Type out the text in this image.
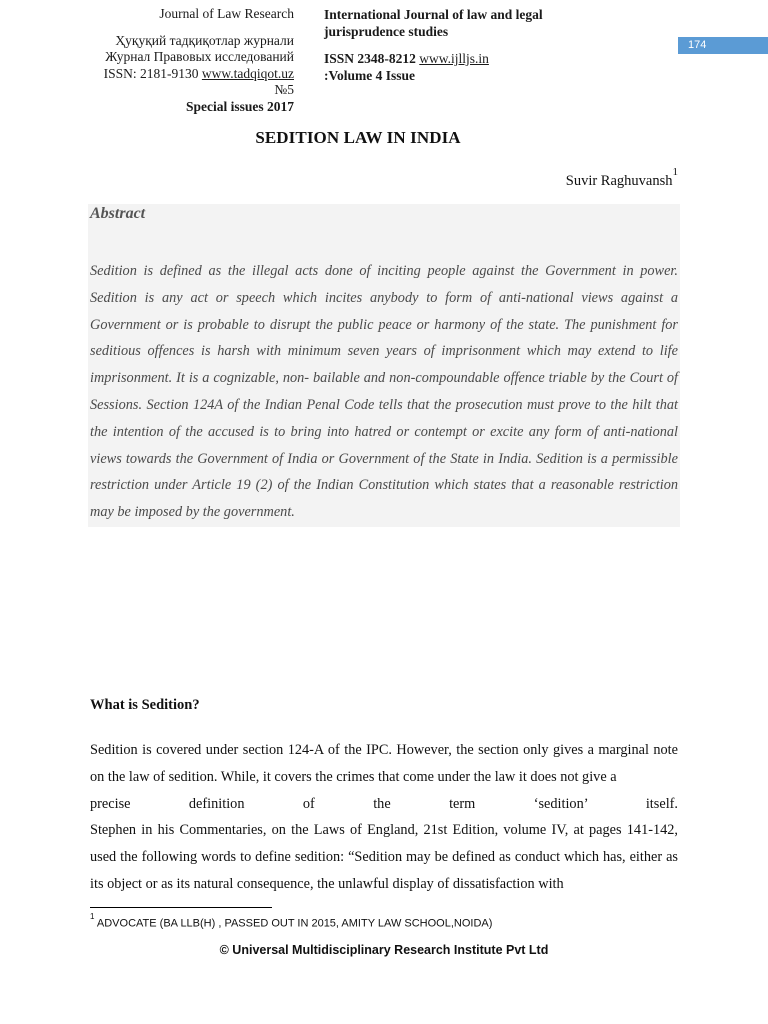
Journal of Law Research
Ҳуқуқий тадқиқотлар журнали Журнал Правовых исследований ISSN: 2181-9130 www.tadqiqot.uz №5
Special issues 2017
International Journal of law and legal jurisprudence studies
ISSN 2348-8212 www.ijlljs.in
:Volume 4 Issue
174
SEDITION LAW IN INDIA
Suvir Raghuvansh$^1$
Abstract
Sedition is defined as the illegal acts done of inciting people against the Government in power. Sedition is any act or speech which incites anybody to form of anti-national views against a Government or is probable to disrupt the public peace or harmony of the state. The punishment for seditious offences is harsh with minimum seven years of imprisonment which may extend to life imprisonment. It is a cognizable, non- bailable and non-compoundable offence triable by the Court of Sessions. Section 124A of the Indian Penal Code tells that the prosecution must prove to the hilt that the intention of the accused is to bring into hatred or contempt or excite any form of anti-national views towards the Government of India or Government of the State in India. Sedition is a permissible restriction under Article 19 (2) of the Indian Constitution which states that a reasonable restriction may be imposed by the government.
What is Sedition?

Sedition is covered under section 124-A of the IPC. However, the section only gives a marginal note on the law of sedition. While, it covers the crimes that come under the law it does not give a

precise definition of the term ‘sedition’ itself.

Stephen in his Commentaries, on the Laws of England, 21st Edition, volume IV, at pages 141-142, used the following words to define sedition: “Sedition may be defined as conduct which has, either as its object or as its natural consequence, the unlawful display of dissatisfaction with

$^1$ ADVOCATE (BA LLB(H) , PASSED OUT IN 2015, AMITY LAW SCHOOL,NOIDA)
© Universal Multidisciplinary Research Institute Pvt Ltd
